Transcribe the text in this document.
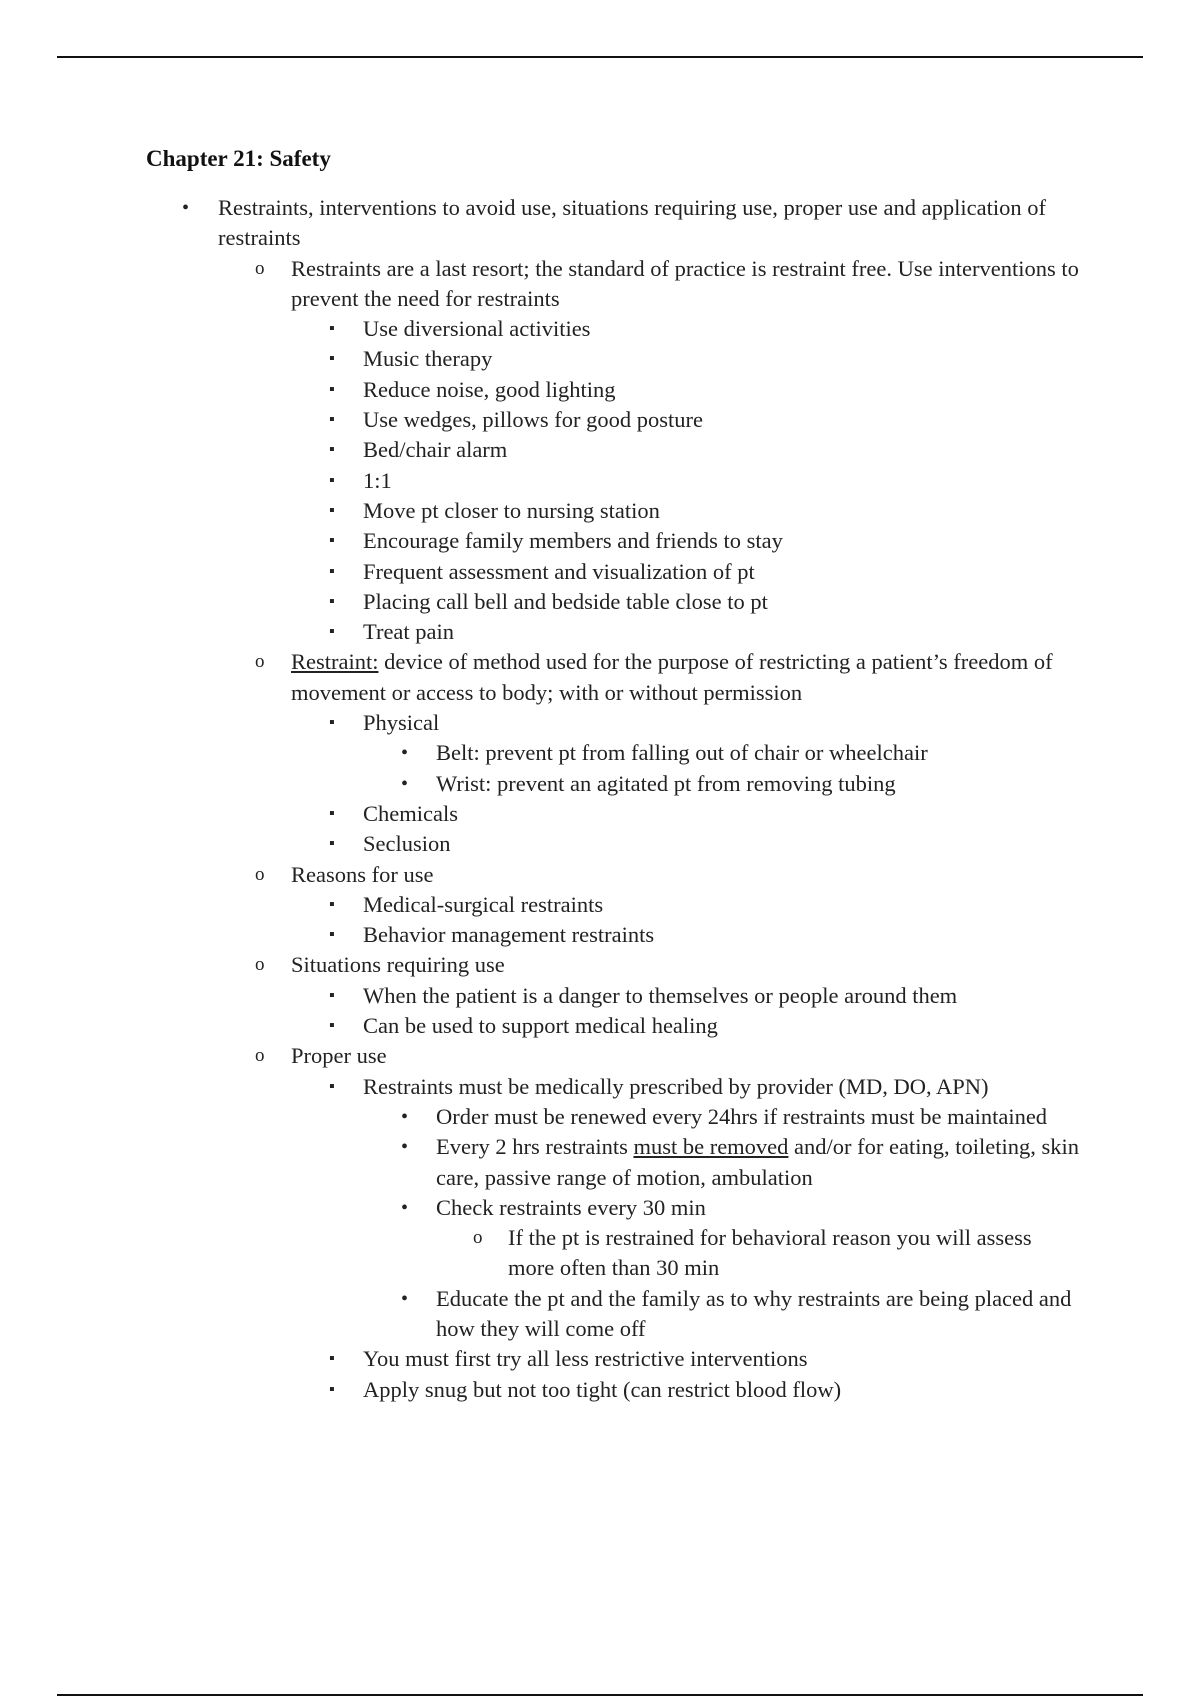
Chapter 21: Safety
• Restraints, interventions to avoid use, situations requiring use, proper use and application of restraints
o Restraints are a last resort; the standard of practice is restraint free. Use interventions to prevent the need for restraints
▪ Use diversional activities
▪ Music therapy
▪ Reduce noise, good lighting
▪ Use wedges, pillows for good posture
▪ Bed/chair alarm
▪ 1:1
▪ Move pt closer to nursing station
▪ Encourage family members and friends to stay
▪ Frequent assessment and visualization of pt
▪ Placing call bell and bedside table close to pt
▪ Treat pain
o Restraint: device of method used for the purpose of restricting a patient’s freedom of movement or access to body; with or without permission
▪ Physical
• Belt: prevent pt from falling out of chair or wheelchair
• Wrist: prevent an agitated pt from removing tubing
▪ Chemicals
▪ Seclusion
o Reasons for use
▪ Medical-surgical restraints
▪ Behavior management restraints
o Situations requiring use
▪ When the patient is a danger to themselves or people around them
▪ Can be used to support medical healing
o Proper use
▪ Restraints must be medically prescribed by provider (MD, DO, APN)
• Order must be renewed every 24hrs if restraints must be maintained
• Every 2 hrs restraints must be removed and/or for eating, toileting, skin care, passive range of motion, ambulation
• Check restraints every 30 min
o If the pt is restrained for behavioral reason you will assess more often than 30 min
• Educate the pt and the family as to why restraints are being placed and how they will come off
▪ You must first try all less restrictive interventions
▪ Apply snug but not too tight (can restrict blood flow)
